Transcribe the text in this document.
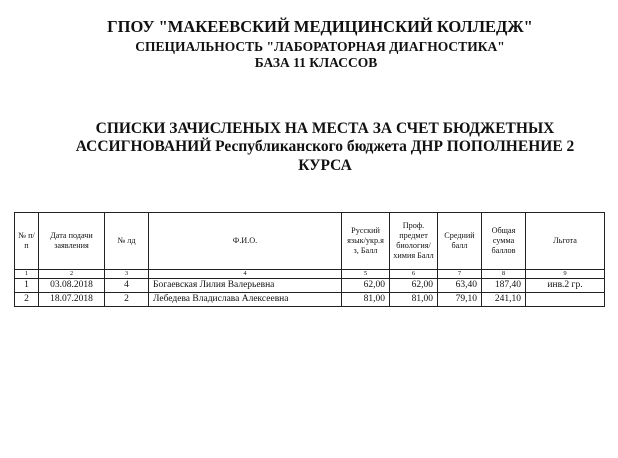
ГПОУ "МАКЕЕВСКИЙ МЕДИЦИНСКИЙ КОЛЛЕДЖ"

СПЕЦИАЛЬНОСТЬ "ЛАБОРАТОРНАЯ ДИАГНОСТИКА"

БАЗА 11 КЛАССОВ

СПИСКИ ЗАЧИСЛЕНЫХ НА МЕСТА ЗА СЧЕТ БЮДЖЕТНЫХ
АССИГНОВАНИЙ Республиканского бюджета ДНР ПОПОЛНЕНИЕ 2
КУРСА
№ п/п	Дата подачи заявления	№ лд	Ф.И.О.	Русский язык/укр.я з, Балл	Проф. предмет биология/ химия Балл	Средний балл	Общая сумма баллов	Льгота
1	2	3	4	5	6	7	8	9
1	03.08.2018	4	Богаевская Лилия Валерьевна	62,00	62,00	63,40	187,40	инв.2 гр.
2	18.07.2018	2	Лебедева Владислава Алексеевна	81,00	81,00	79,10	241,10	
